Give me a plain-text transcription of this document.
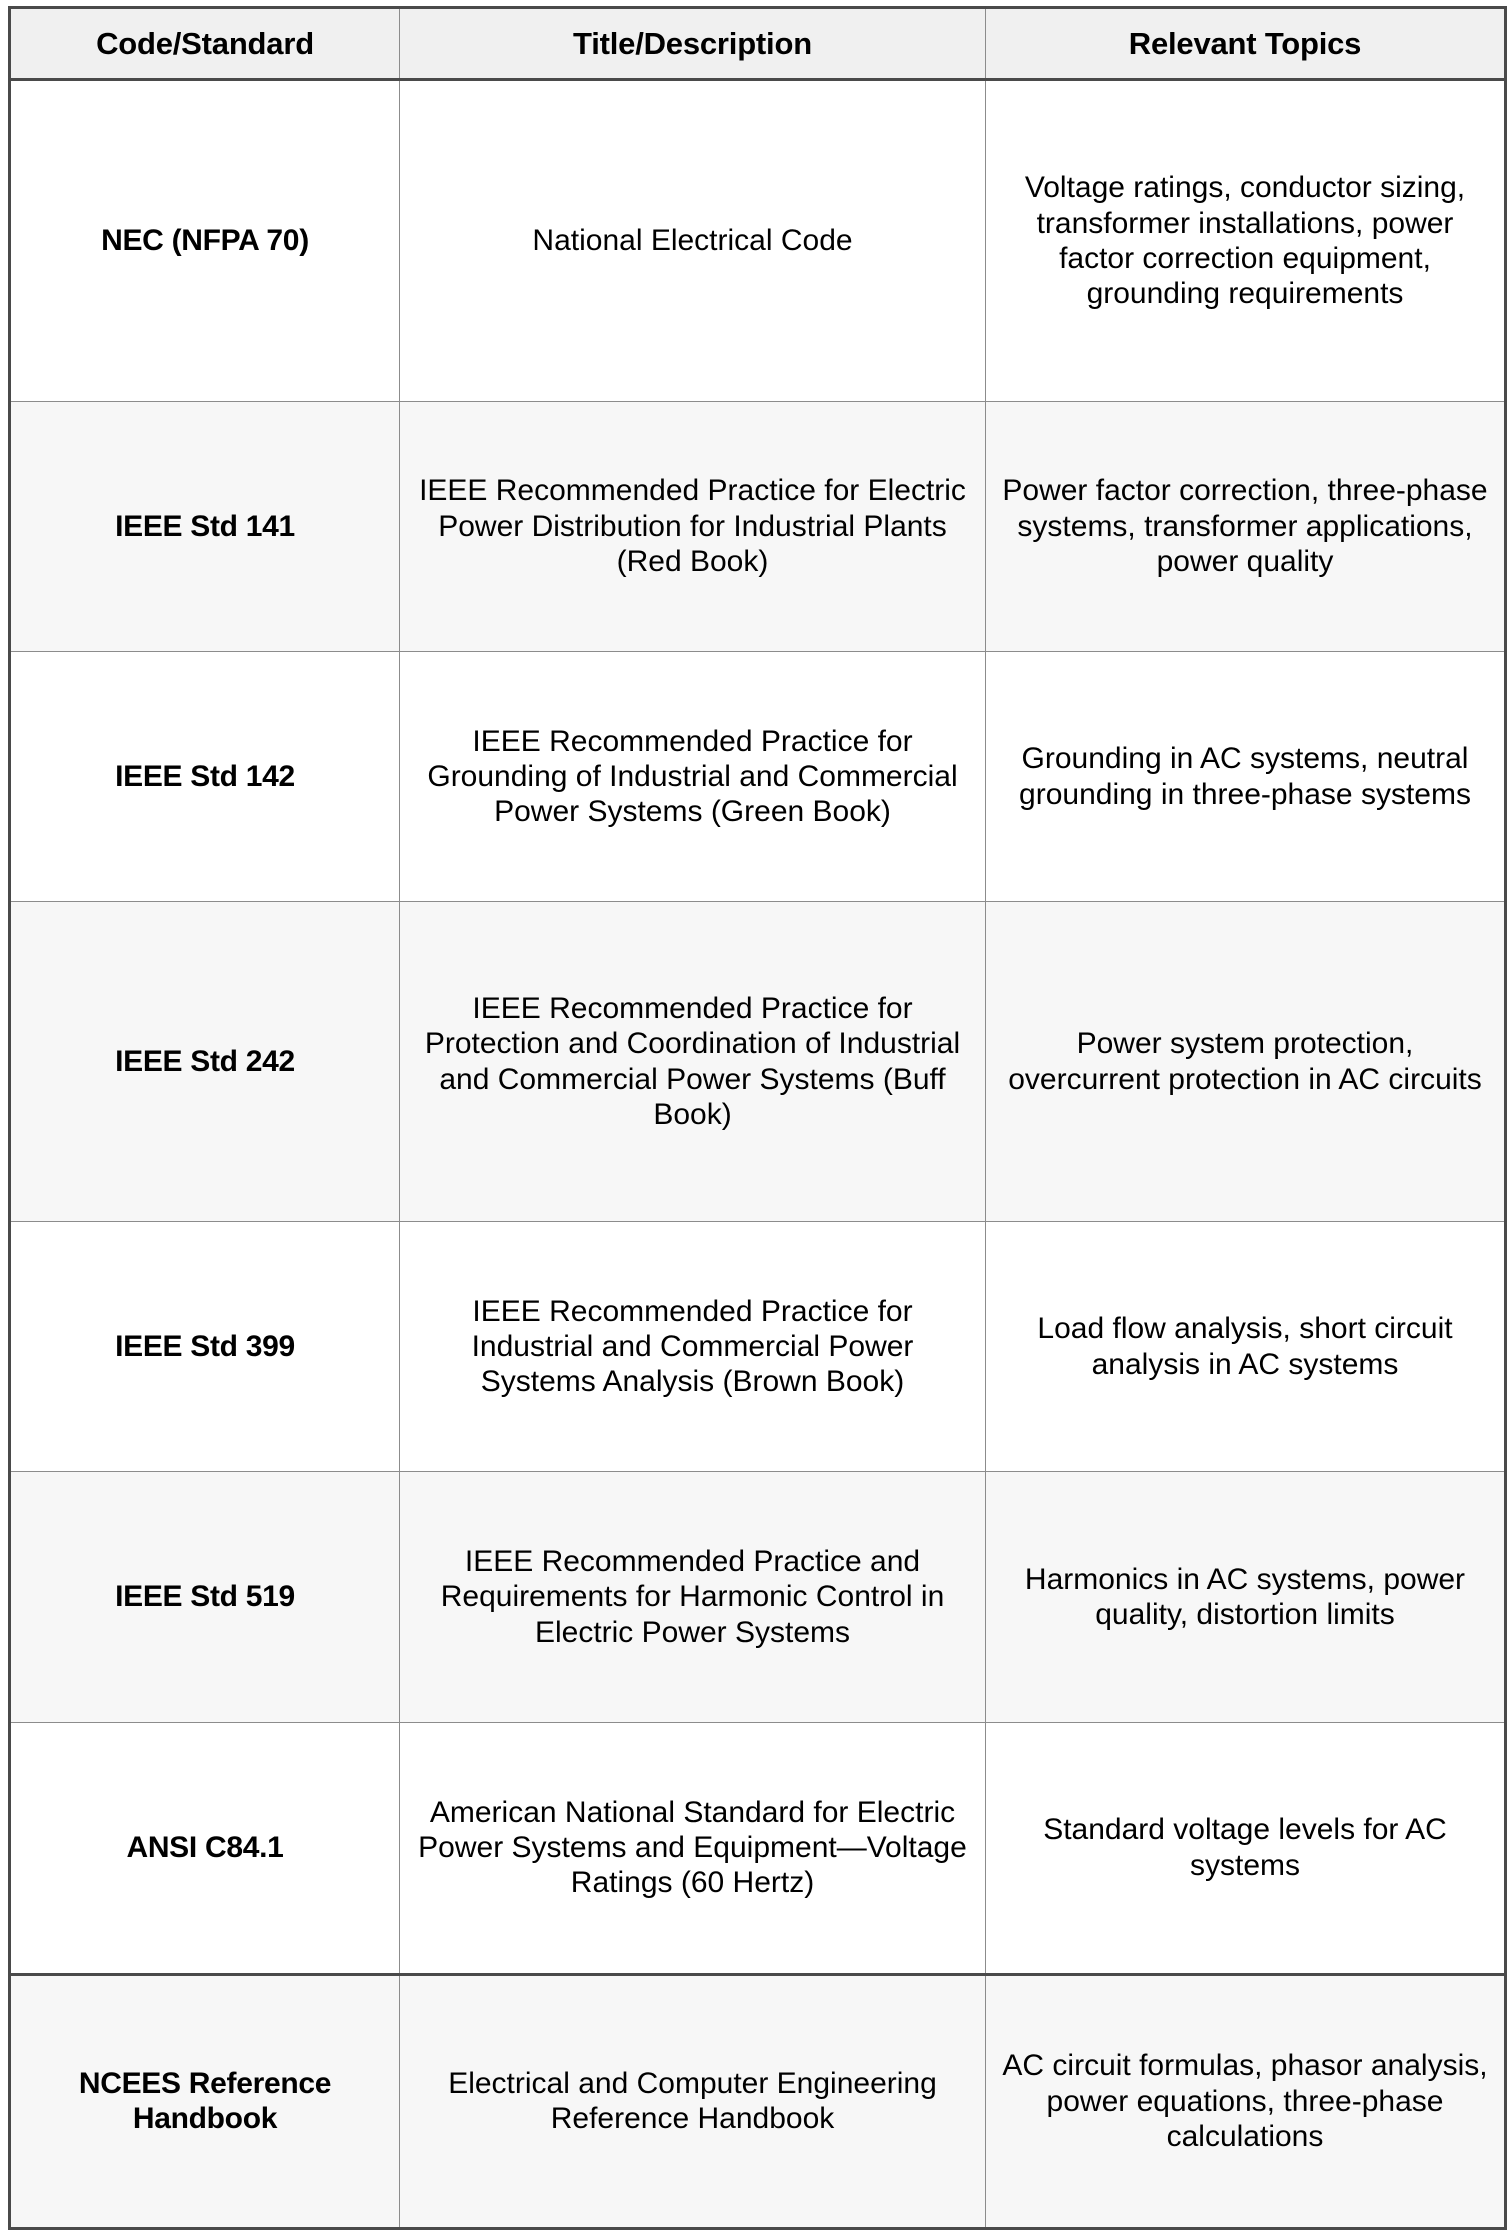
Code/Standard	Title/Description	Relevant Topics
NEC (NFPA 70)	National Electrical Code	Voltage ratings, conductor sizing, transformer installations, power factor correction equipment, grounding requirements
IEEE Std 141	IEEE Recommended Practice for Electric Power Distribution for Industrial Plants (Red Book)	Power factor correction, three-phase systems, transformer applications, power quality
IEEE Std 142	IEEE Recommended Practice for Grounding of Industrial and Commercial Power Systems (Green Book)	Grounding in AC systems, neutral grounding in three-phase systems
IEEE Std 242	IEEE Recommended Practice for Protection and Coordination of Industrial and Commercial Power Systems (Buff Book)	Power system protection, overcurrent protection in AC circuits
IEEE Std 399	IEEE Recommended Practice for Industrial and Commercial Power Systems Analysis (Brown Book)	Load flow analysis, short circuit analysis in AC systems
IEEE Std 519	IEEE Recommended Practice and Requirements for Harmonic Control in Electric Power Systems	Harmonics in AC systems, power quality, distortion limits
ANSI C84.1	American National Standard for Electric Power Systems and Equipment—Voltage Ratings (60 Hertz)	Standard voltage levels for AC systems
NCEES Reference Handbook	Electrical and Computer Engineering Reference Handbook	AC circuit formulas, phasor analysis, power equations, three-phase calculations
